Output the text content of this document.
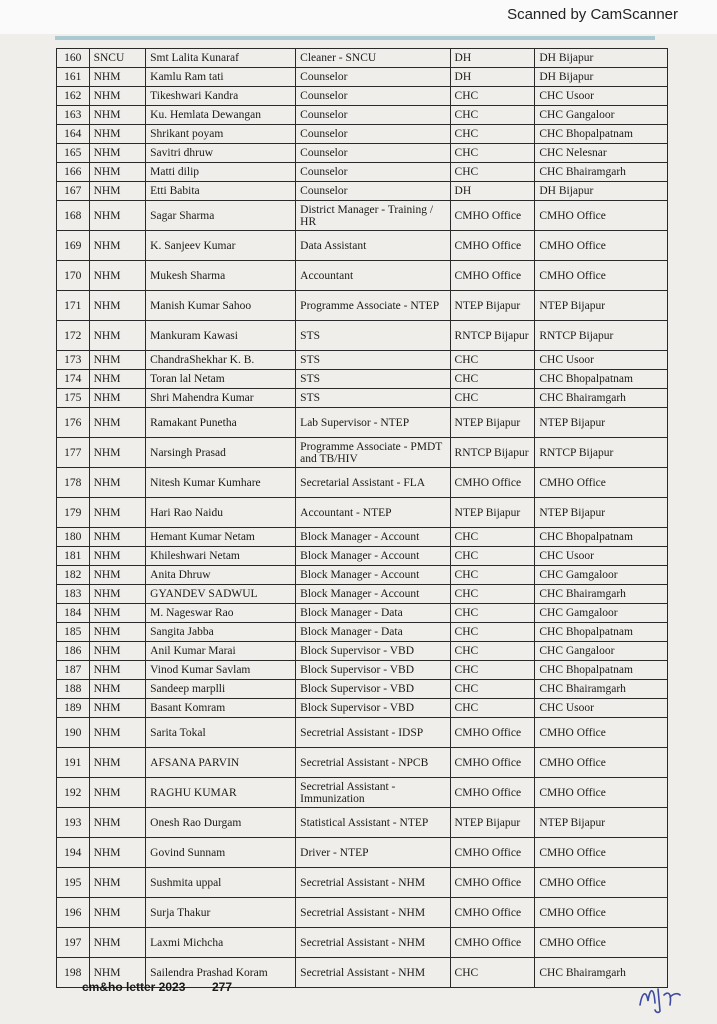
Scanned by CamScanner
160	SNCU	Smt Lalita Kunaraf	Cleaner - SNCU	DH	DH Bijapur
161	NHM	Kamlu Ram tati	Counselor	DH	DH Bijapur
162	NHM	Tikeshwari Kandra	Counselor	CHC	CHC Usoor
163	NHM	Ku. Hemlata Dewangan	Counselor	CHC	CHC Gangaloor
164	NHM	Shrikant poyam	Counselor	CHC	CHC Bhopalpatnam
165	NHM	Savitri dhruw	Counselor	CHC	CHC Nelesnar
166	NHM	Matti dilip	Counselor	CHC	CHC Bhairamgarh
167	NHM	Etti Babita	Counselor	DH	DH Bijapur
168	NHM	Sagar Sharma	District Manager - Training / HR	CMHO Office	CMHO Office
169	NHM	K. Sanjeev Kumar	Data Assistant	CMHO Office	CMHO Office
170	NHM	Mukesh Sharma	Accountant	CMHO Office	CMHO Office
171	NHM	Manish Kumar Sahoo	Programme Associate - NTEP	NTEP Bijapur	NTEP Bijapur
172	NHM	Mankuram Kawasi	STS	RNTCP Bijapur	RNTCP Bijapur
173	NHM	ChandraShekhar K. B.	STS	CHC	CHC Usoor
174	NHM	Toran lal Netam	STS	CHC	CHC Bhopalpatnam
175	NHM	Shri Mahendra Kumar	STS	CHC	CHC Bhairamgarh
176	NHM	Ramakant Punetha	Lab Supervisor - NTEP	NTEP Bijapur	NTEP Bijapur
177	NHM	Narsingh Prasad	Programme Associate - PMDT and TB/HIV	RNTCP Bijapur	RNTCP Bijapur
178	NHM	Nitesh Kumar Kumhare	Secretarial Assistant - FLA	CMHO Office	CMHO Office
179	NHM	Hari Rao Naidu	Accountant - NTEP	NTEP Bijapur	NTEP Bijapur
180	NHM	Hemant Kumar Netam	Block Manager - Account	CHC	CHC Bhopalpatnam
181	NHM	Khileshwari Netam	Block Manager - Account	CHC	CHC Usoor
182	NHM	Anita Dhruw	Block Manager - Account	CHC	CHC Gamgaloor
183	NHM	GYANDEV SADWUL	Block Manager - Account	CHC	CHC Bhairamgarh
184	NHM	M. Nageswar Rao	Block Manager - Data	CHC	CHC Gamgaloor
185	NHM	Sangita Jabba	Block Manager - Data	CHC	CHC Bhopalpatnam
186	NHM	Anil Kumar Marai	Block Supervisor - VBD	CHC	CHC Gangaloor
187	NHM	Vinod Kumar Savlam	Block Supervisor - VBD	CHC	CHC Bhopalpatnam
188	NHM	Sandeep marplli	Block Supervisor - VBD	CHC	CHC Bhairamgarh
189	NHM	Basant Komram	Block Supervisor - VBD	CHC	CHC Usoor
190	NHM	Sarita Tokal	Secretrial Assistant - IDSP	CMHO Office	CMHO Office
191	NHM	AFSANA PARVIN	Secretrial Assistant - NPCB	CMHO Office	CMHO Office
192	NHM	RAGHU KUMAR	Secretrial Assistant - Immunization	CMHO Office	CMHO Office
193	NHM	Onesh Rao Durgam	Statistical Assistant - NTEP	NTEP Bijapur	NTEP Bijapur
194	NHM	Govind Sunnam	Driver - NTEP	CMHO Office	CMHO Office
195	NHM	Sushmita uppal	Secretrial Assistant - NHM	CMHO Office	CMHO Office
196	NHM	Surja Thakur	Secretrial Assistant - NHM	CMHO Office	CMHO Office
197	NHM	Laxmi Michcha	Secretrial Assistant - NHM	CMHO Office	CMHO Office
198	NHM	Sailendra Prashad Koram	Secretrial Assistant - NHM	CHC	CHC Bhairamgarh
cm&ho letter 2023 277
